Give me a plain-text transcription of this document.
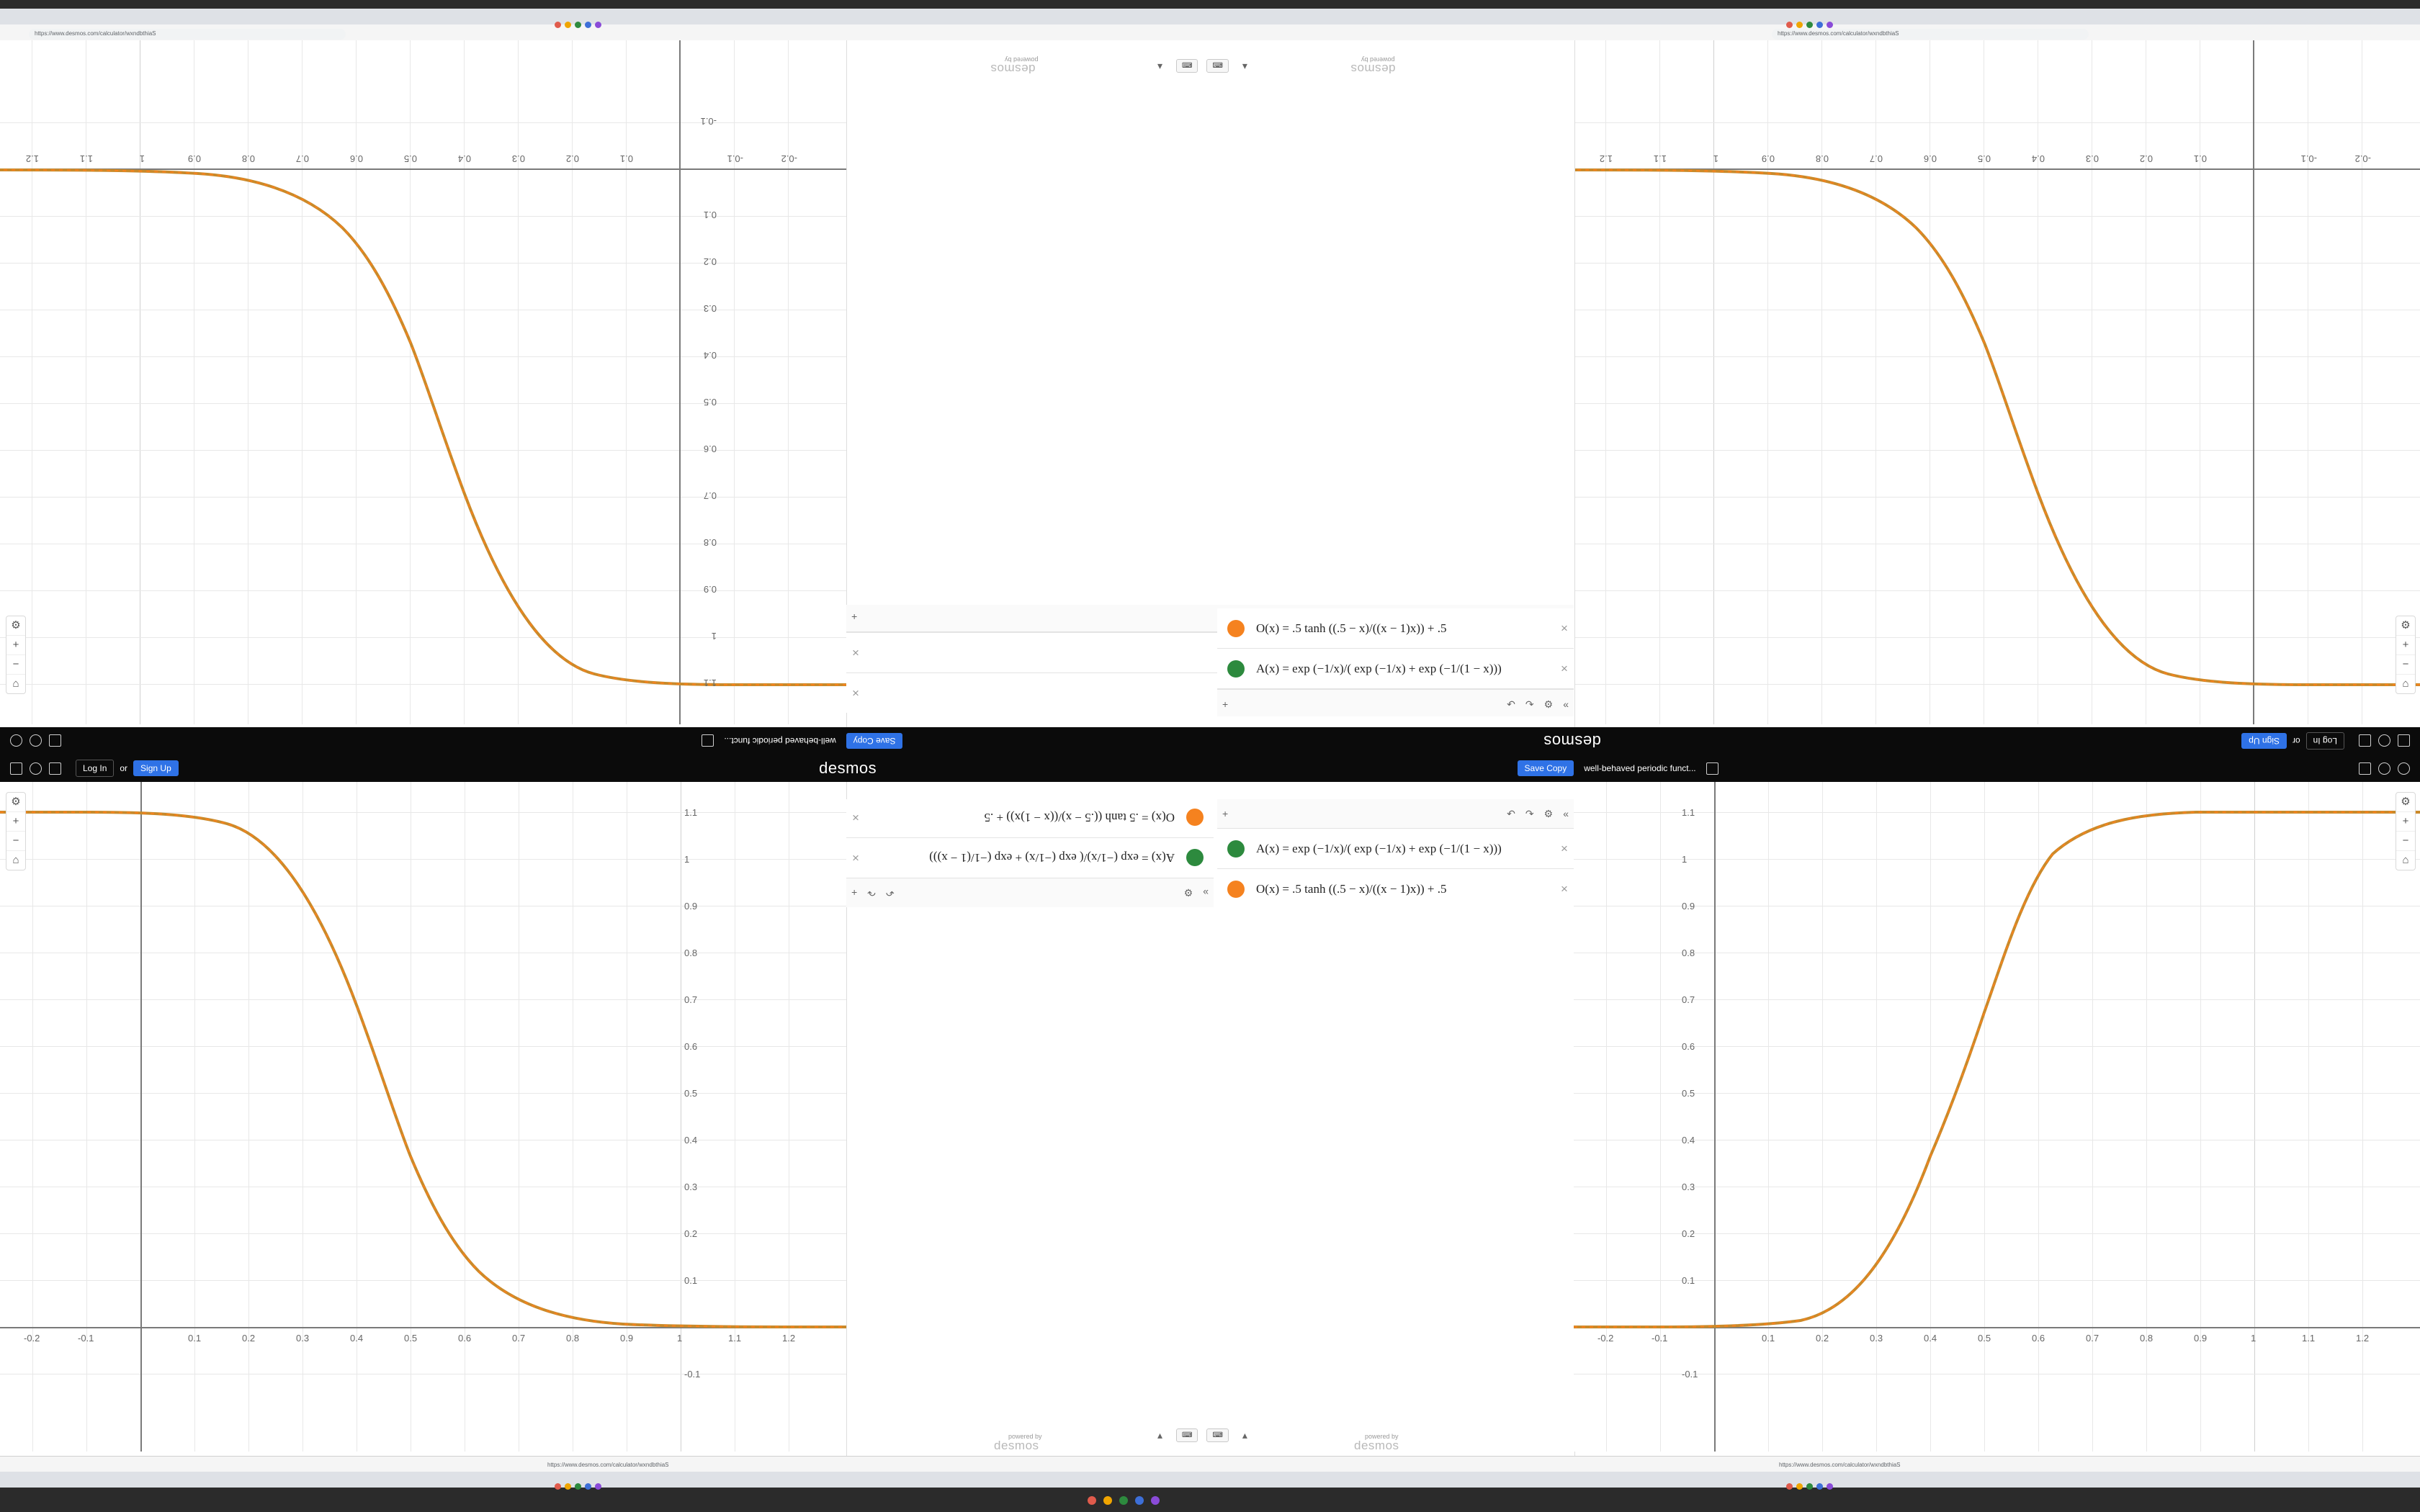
https://www.desmos.com/calculator/wxndbthiaS	https://www.desmos.com/calculator/wxndbthiaS
-0.2
-0.1
0.1
0.2
0.3
0.4
0.5
0.6
0.7
0.8
0.9
1
1.1
1.2	-0.2
-0.1
0.1
0.2
0.3
0.4
0.5
0.6
0.7
0.8
0.9
1
1.1
1.2
-0.1
0.1
0.2
0.3
0.4
0.5
0.6
0.7
0.8
0.9
1
1.1
×
×
+
O(x) = .5 tanh ((.5 − x)/((x − 1)x)) + .5	×
A(x) = exp (−1/x)/( exp (−1/x) + exp (−1/(1 − x)))	×
+	↶	↷	⚙	«
+	↶	↷	⚙	«
A(x) = exp (−1/x)/( exp (−1/x) + exp (−1/(1 − x)))	×
O(x) = .5 tanh ((.5 − x)/((x − 1)x)) + .5	×
»
⚙
↶
↷
+
A(x) = exp (−1/x)/( exp (−1/x) + exp (−1/(1 − x)))
×
O(x) = .5 tanh ((.5 − x)/((x − 1)x)) + .5
×
▾	⌨	⌨	▾
▴	⌨	⌨	▴
powered by
desmos
powered by
desmos
powered by
desmos
powered by
desmos
Log In
or
Sign Up
desmos
Save Copy
well-behaved periodic funct...
Log In	or	Sign Up	desmos	Save Copy	well-behaved periodic funct...
-0.2	-0.1	0.1	0.2	0.3	0.4	0.5	0.6	0.7	0.8	0.9	1	1.1	1.2
-0.1
0.1
0.2
0.3
0.4
0.5
0.6
0.7
0.8
0.9
1
1.1
-0.2	-0.1	0.1	0.2	0.3	0.4	0.5	0.6	0.7	0.8	0.9	1	1.1	1.2
-0.1
0.1
0.2
0.3
0.4
0.5
0.6
0.7
0.8
0.9
1
1.1
⚙
+
−
⌂
⚙
+
−
⌂
⚙
+
−
⌂
⚙
+
−
⌂
https://www.desmos.com/calculator/wxndbthiaS	https://www.desmos.com/calculator/wxndbthiaS
